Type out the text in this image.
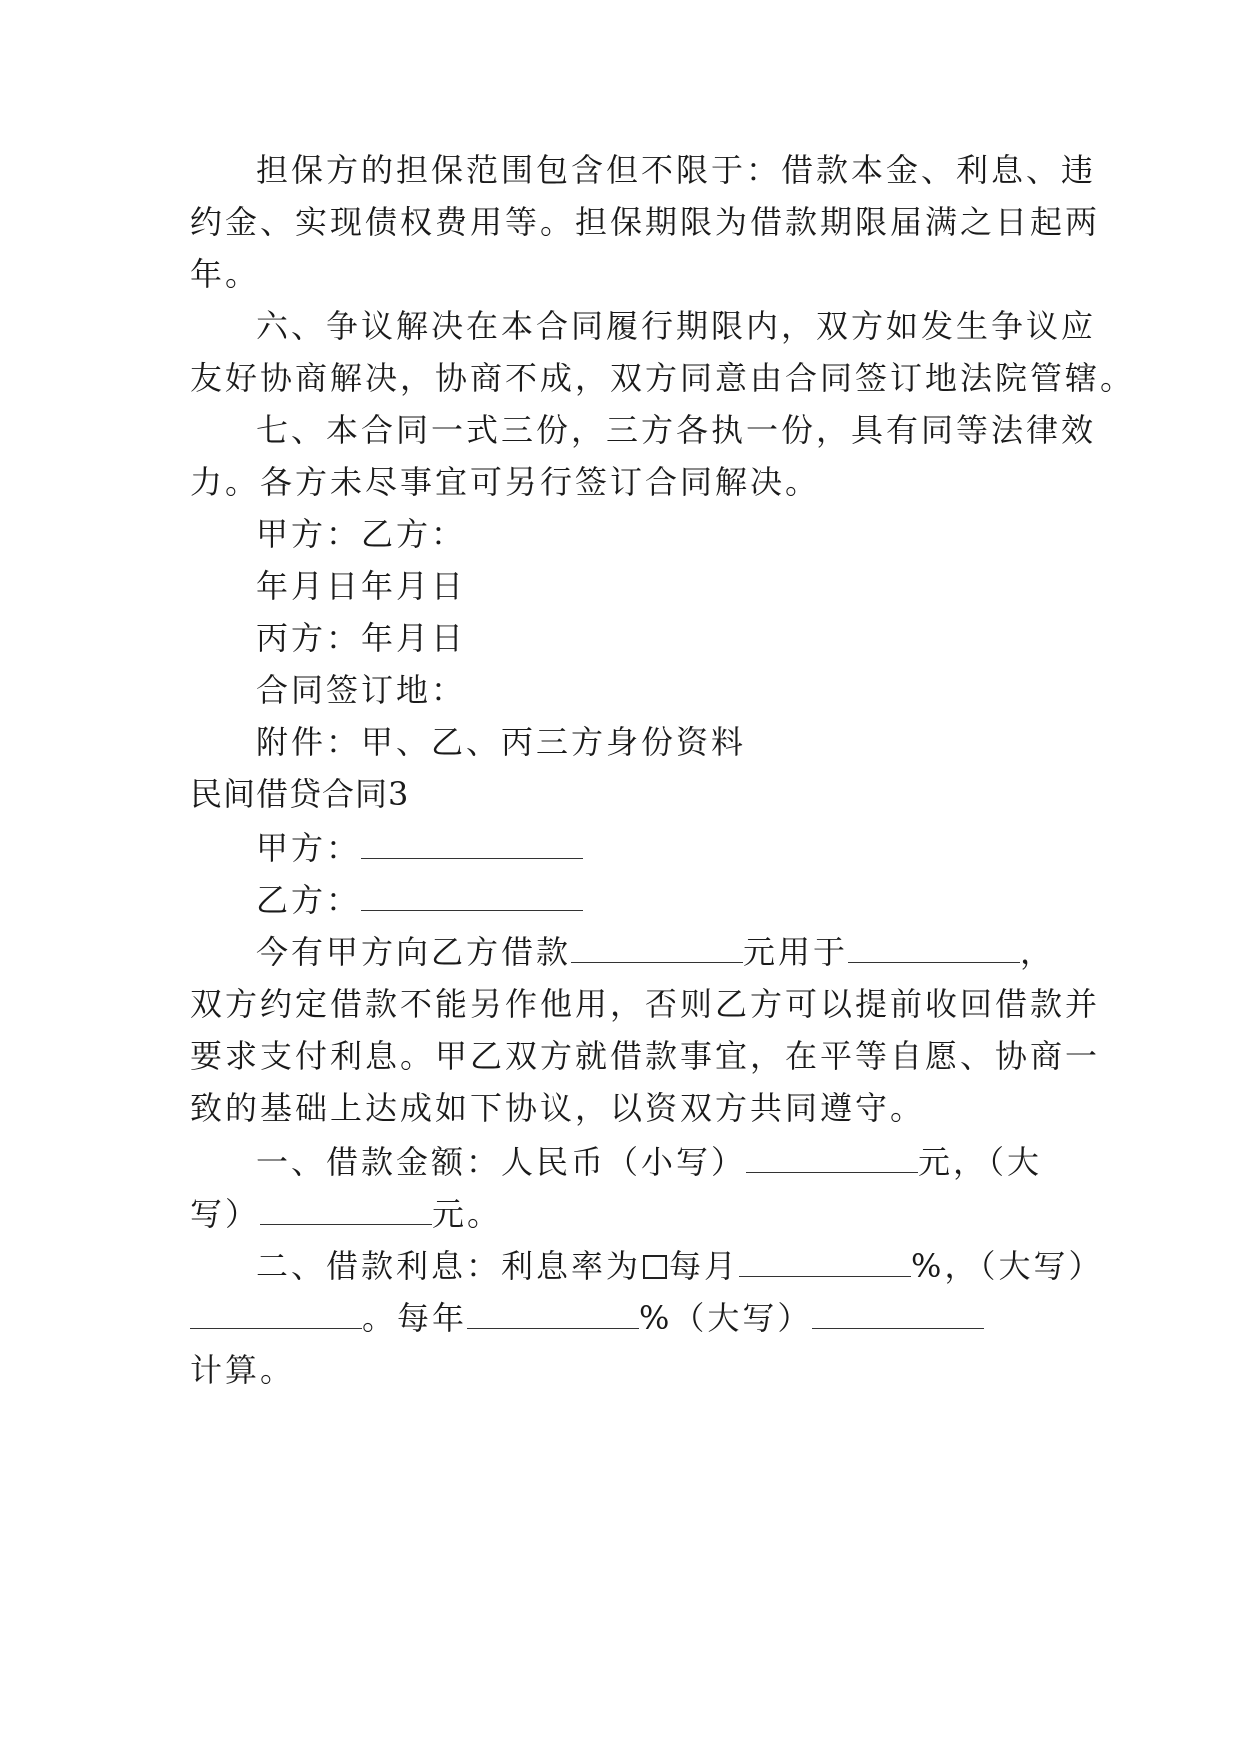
担保方的担保范围包含但不限于：借款本金、利息、违
约金、实现债权费用等。担保期限为借款期限届满之日起两
年。
六、争议解决在本合同履行期限内，双方如发生争议应
友好协商解决，协商不成，双方同意由合同签订地法院管辖。
七、本合同一式三份，三方各执一份，具有同等法律效
力。各方未尽事宜可另行签订合同解决。
甲方：乙方：
年月日年月日
丙方：年月日
合同签订地：
附件：甲、乙、丙三方身份资料
民间借贷合同3
甲方：
乙方：
今有甲方向乙方借款	元用于	，
双方约定借款不能另作他用，否则乙方可以提前收回借款并
要求支付利息。甲乙双方就借款事宜，在平等自愿、协商一
致的基础上达成如下协议，以资双方共同遵守。
一、借款金额：人民币（小写）	元，（大
写）	元。
二、借款利息：利息率为 每月	%，（大写）
。每年	%（大写）
计算。
